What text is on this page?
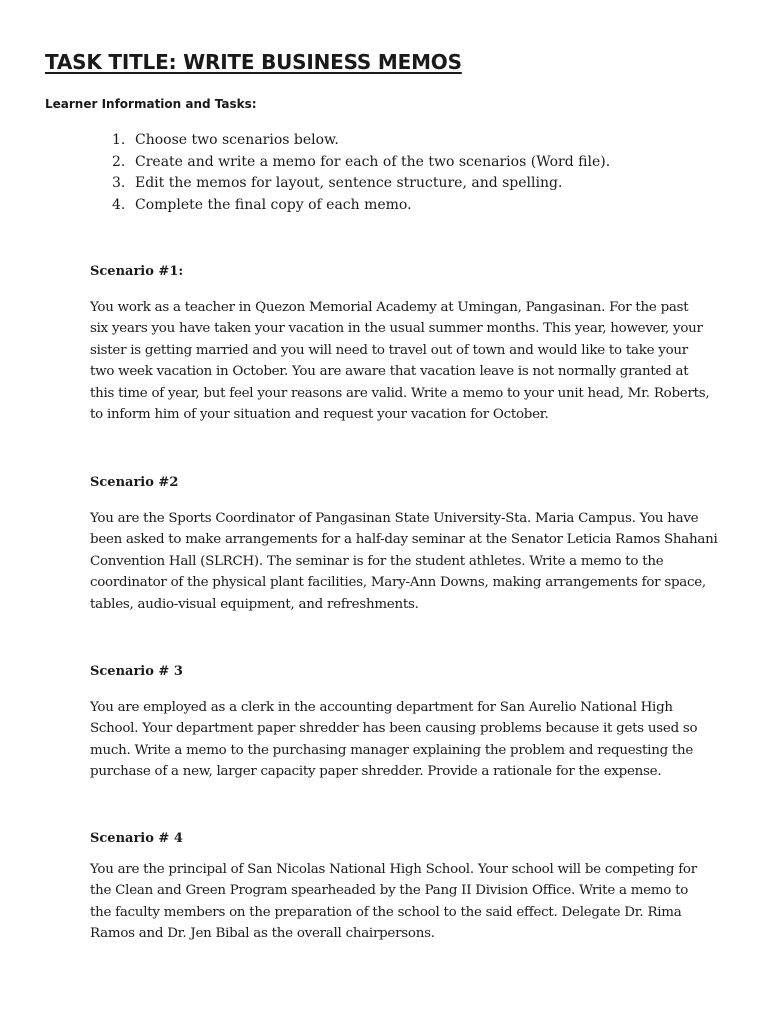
TASK TITLE: WRITE BUSINESS MEMOS
Learner Information and Tasks:
1. Choose two scenarios below.
2. Create and write a memo for each of the two scenarios (Word file).
3. Edit the memos for layout, sentence structure, and spelling.
4. Complete the final copy of each memo.
Scenario #1:

You work as a teacher in Quezon Memorial Academy at Umingan, Pangasinan. For the past
six years you have taken your vacation in the usual summer months. This year, however, your
sister is getting married and you will need to travel out of town and would like to take your
two week vacation in October. You are aware that vacation leave is not normally granted at
this time of year, but feel your reasons are valid. Write a memo to your unit head, Mr. Roberts,
to inform him of your situation and request your vacation for October.

Scenario #2

You are the Sports Coordinator of Pangasinan State University-Sta. Maria Campus. You have
been asked to make arrangements for a half-day seminar at the Senator Leticia Ramos Shahani
Convention Hall (SLRCH). The seminar is for the student athletes. Write a memo to the
coordinator of the physical plant facilities, Mary-Ann Downs, making arrangements for space,
tables, audio-visual equipment, and refreshments.

Scenario # 3

You are employed as a clerk in the accounting department for San Aurelio National High
School. Your department paper shredder has been causing problems because it gets used so
much. Write a memo to the purchasing manager explaining the problem and requesting the
purchase of a new, larger capacity paper shredder. Provide a rationale for the expense.

Scenario # 4

You are the principal of San Nicolas National High School. Your school will be competing for
the Clean and Green Program spearheaded by the Pang II Division Office. Write a memo to
the faculty members on the preparation of the school to the said effect. Delegate Dr. Rima
Ramos and Dr. Jen Bibal as the overall chairpersons.
